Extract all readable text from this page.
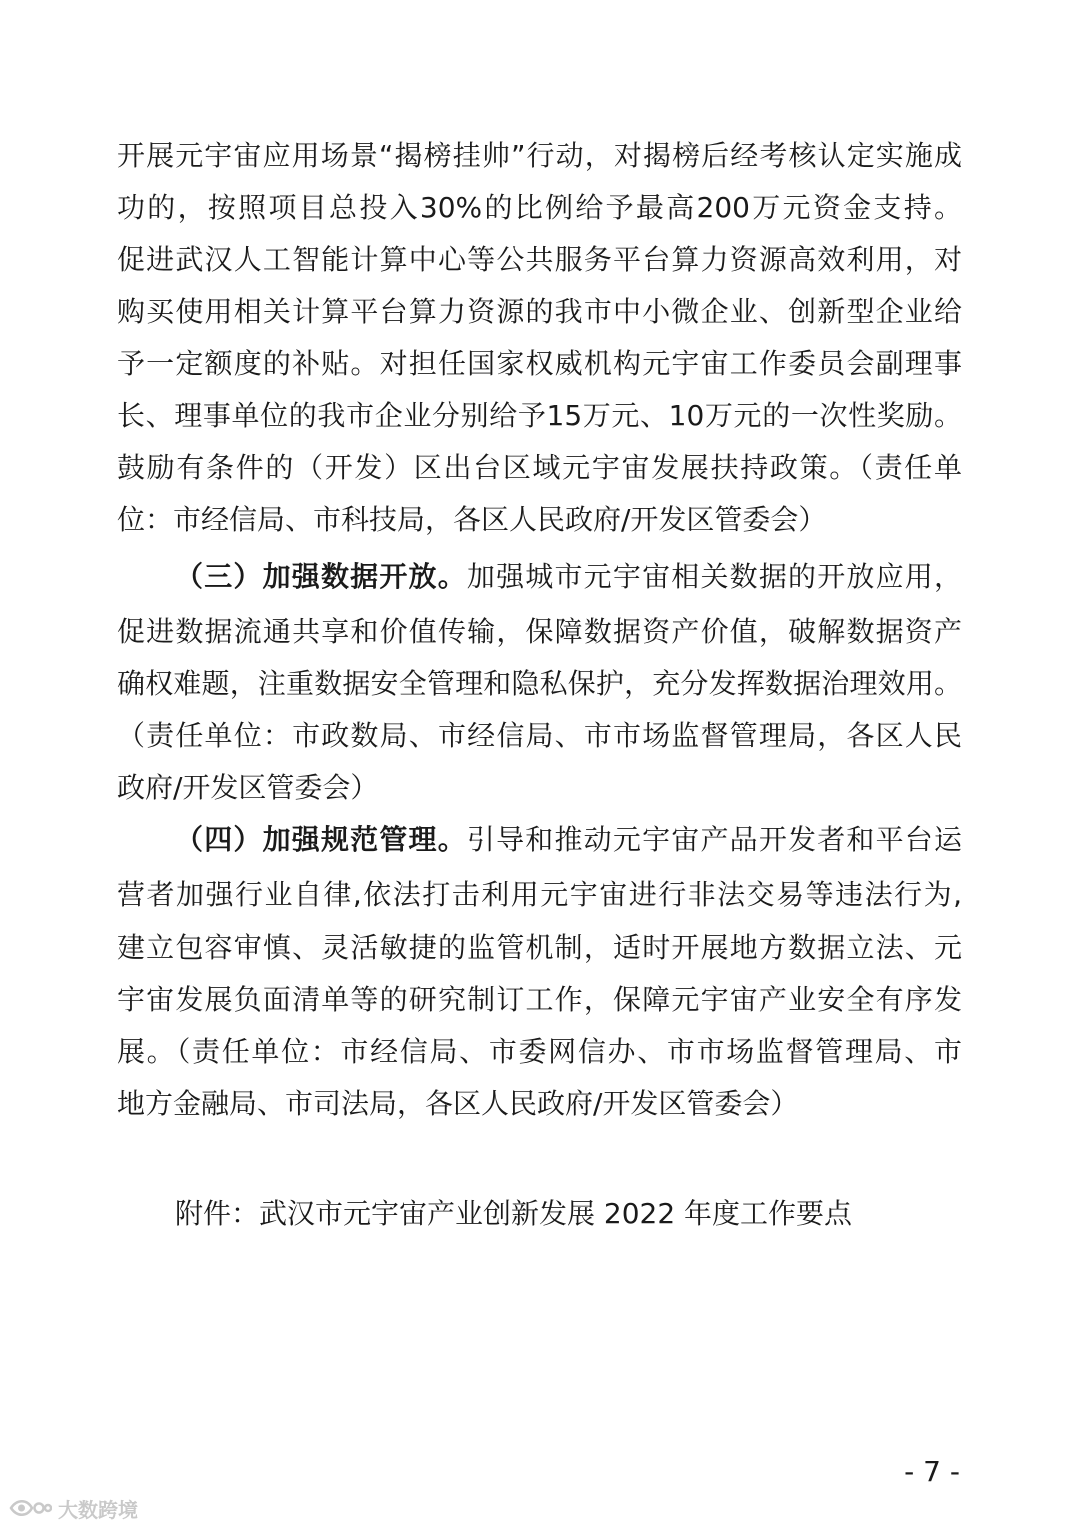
开展元宇宙应用场景“揭榜挂帅”行动，对揭榜后经考核认定实施成
功的，按照项目总投入30%的比例给予最高200万元资金支持。
促进武汉人工智能计算中心等公共服务平台算力资源高效利用，对
购买使用相关计算平台算力资源的我市中小微企业、创新型企业给
予一定额度的补贴。对担任国家权威机构元宇宙工作委员会副理事
长、理事单位的我市企业分别给予15万元、10万元的一次性奖励。
鼓励有条件的（开发）区出台区域元宇宙发展扶持政策。（责任单
位：市经信局、市科技局，各区人民政府/开发区管委会）
（三）加强数据开放。加强城市元宇宙相关数据的开放应用，
促进数据流通共享和价值传输，保障数据资产价值，破解数据资产
确权难题，注重数据安全管理和隐私保护，充分发挥数据治理效用。
（责任单位：市政数局、市经信局、市市场监督管理局，各区人民
政府/开发区管委会）
（四）加强规范管理。引导和推动元宇宙产品开发者和平台运
营者加强行业自律,依法打击利用元宇宙进行非法交易等违法行为,
建立包容审慎、灵活敏捷的监管机制，适时开展地方数据立法、元
宇宙发展负面清单等的研究制订工作，保障元宇宙产业安全有序发
展。（责任单位：市经信局、市委网信办、市市场监督管理局、市
地方金融局、市司法局，各区人民政府/开发区管委会）
附件：武汉市元宇宙产业创新发展 2022 年度工作要点
- 7 -
大数跨境
